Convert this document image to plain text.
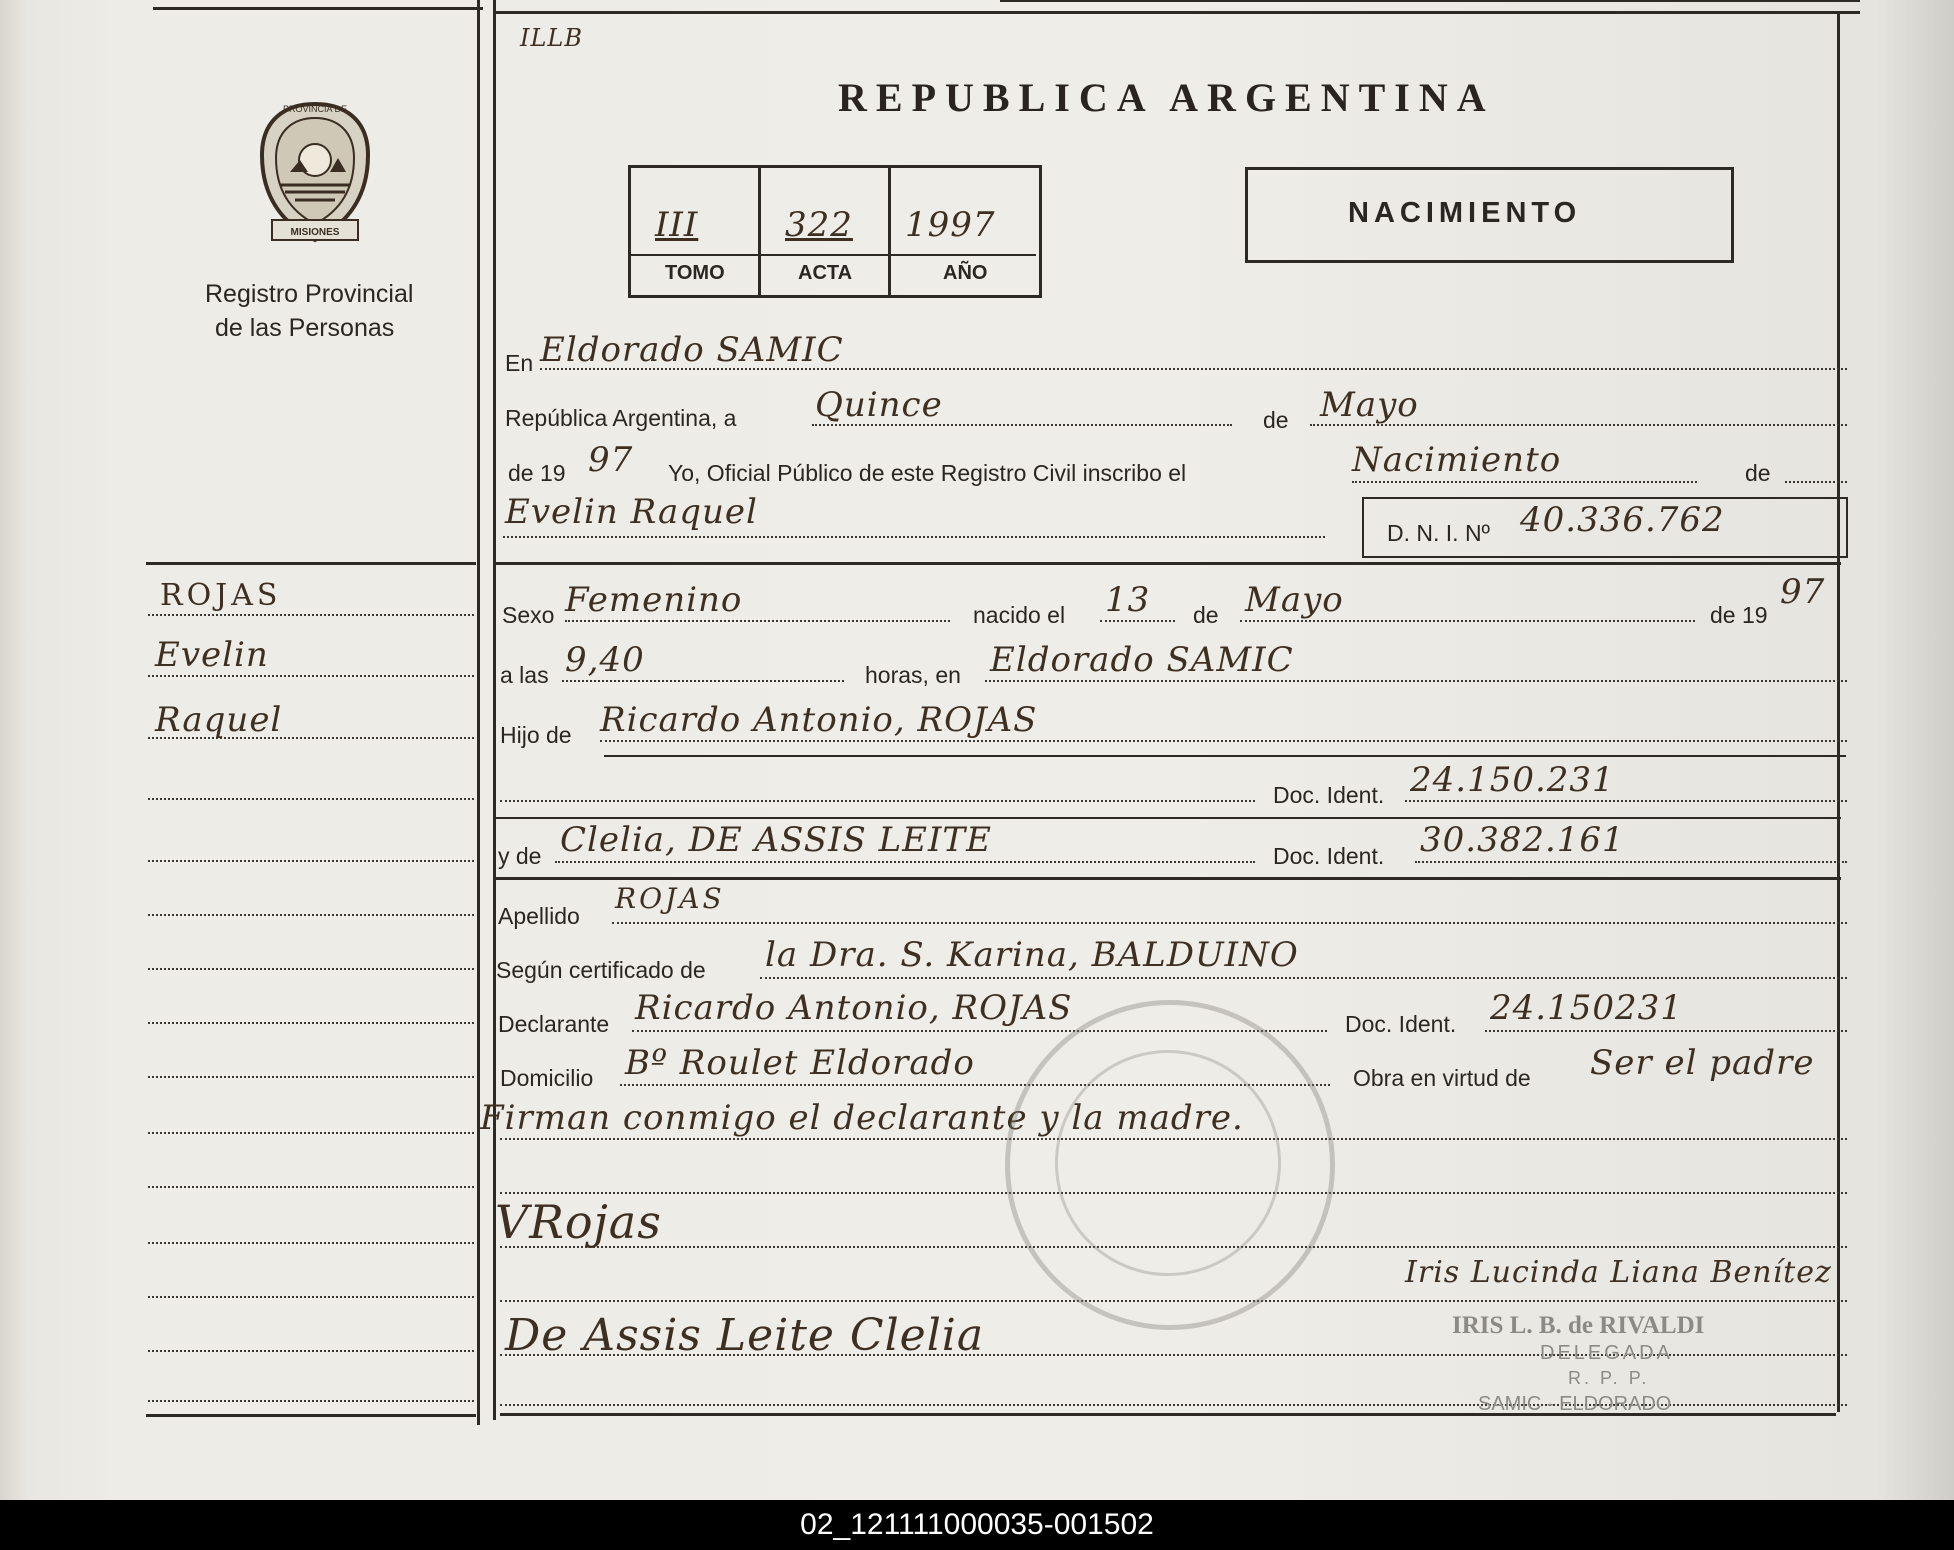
ILLB
REPUBLICA ARGENTINA
PROVINCIA DE
MISIONES
Registro Provincial
de las Personas
III	322 1997
TOMO	ACTA	AÑO
NACIMIENTO
ROJAS
Evelin
Raquel
En Eldorado SAMIC
República Argentina, a Quince	de Mayo
de 19 97 Yo, Oficial Público de este Registro Civil inscribo el	Nacimiento	de
Evelin Raquel
D. N. I. Nº 40.336.762
Sexo Femenino	nacido el 13 de Mayo	de 19
97
a las 9,40	horas, en Eldorado SAMIC
Hijo de Ricardo Antonio, ROJAS
Doc. Ident. 24.150.231
y de Clelia, DE ASSIS LEITE	Doc. Ident. 30.382.161
Apellido
ROJAS
Según certificado de la Dra. S. Karina, BALDUINO
Declarante Ricardo Antonio, ROJAS	Doc. Ident. 24.150231
Domicilio Bº Roulet Eldorado	Obra en virtud de Ser el padre
Firman conmigo el declarante y la madre.
VRojas
De Assis Leite Clelia
Iris Lucinda Liana Benítez
IRIS L. B. de RIVALDI
DELEGADA
R. P. P.
SAMIC - ELDORADO
02_121111000035-001502
